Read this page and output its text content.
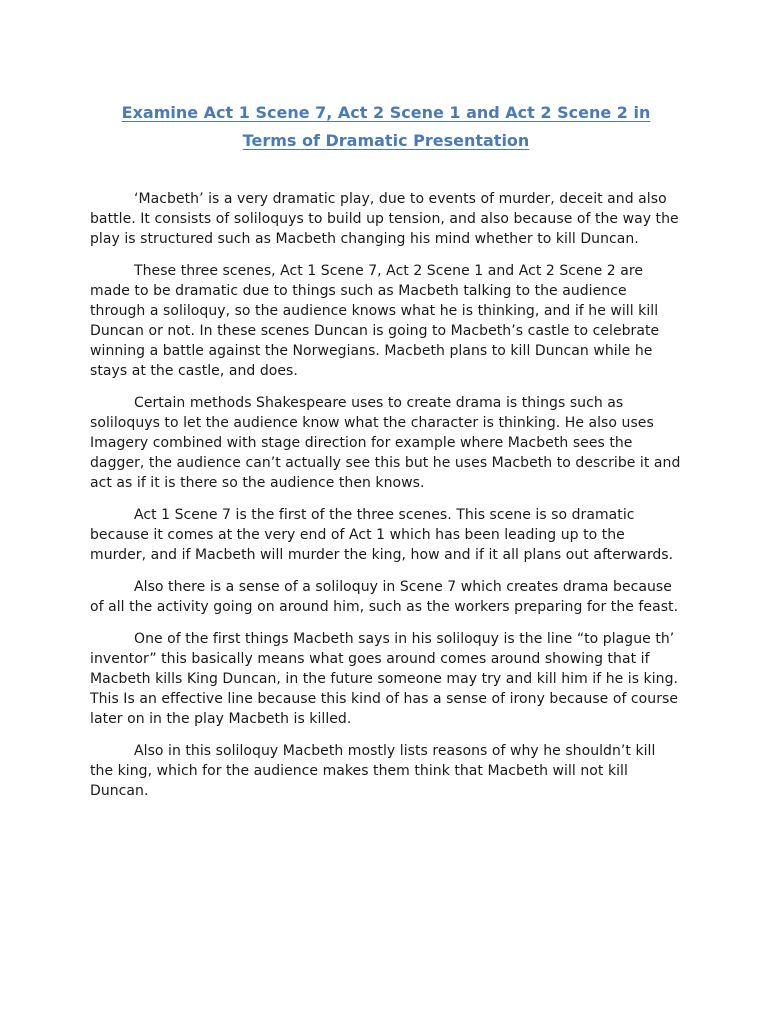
Examine Act 1 Scene 7, Act 2 Scene 1 and Act 2 Scene 2 in
Terms of Dramatic Presentation

‘Macbeth’ is a very dramatic play, due to events of murder, deceit and also battle. It consists of soliloquys to build up tension, and also because of the way the play is structured such as Macbeth changing his mind whether to kill Duncan.

These three scenes, Act 1 Scene 7, Act 2 Scene 1 and Act 2 Scene 2 are made to be dramatic due to things such as Macbeth talking to the audience through a soliloquy, so the audience knows what he is thinking, and if he will kill Duncan or not. In these scenes Duncan is going to Macbeth’s castle to celebrate winning a battle against the Norwegians. Macbeth plans to kill Duncan while he stays at the castle, and does.

Certain methods Shakespeare uses to create drama is things such as soliloquys to let the audience know what the character is thinking. He also uses Imagery combined with stage direction for example where Macbeth sees the dagger, the audience can’t actually see this but he uses Macbeth to describe it and act as if it is there so the audience then knows.

Act 1 Scene 7 is the first of the three scenes. This scene is so dramatic because it comes at the very end of Act 1 which has been leading up to the murder, and if Macbeth will murder the king, how and if it all plans out afterwards.

Also there is a sense of a soliloquy in Scene 7 which creates drama because of all the activity going on around him, such as the workers preparing for the feast.

One of the first things Macbeth says in his soliloquy is the line “to plague th’ inventor” this basically means what goes around comes around showing that if Macbeth kills King Duncan, in the future someone may try and kill him if he is king. This Is an effective line because this kind of has a sense of irony because of course later on in the play Macbeth is killed.

Also in this soliloquy Macbeth mostly lists reasons of why he shouldn’t kill the king, which for the audience makes them think that Macbeth will not kill Duncan.
